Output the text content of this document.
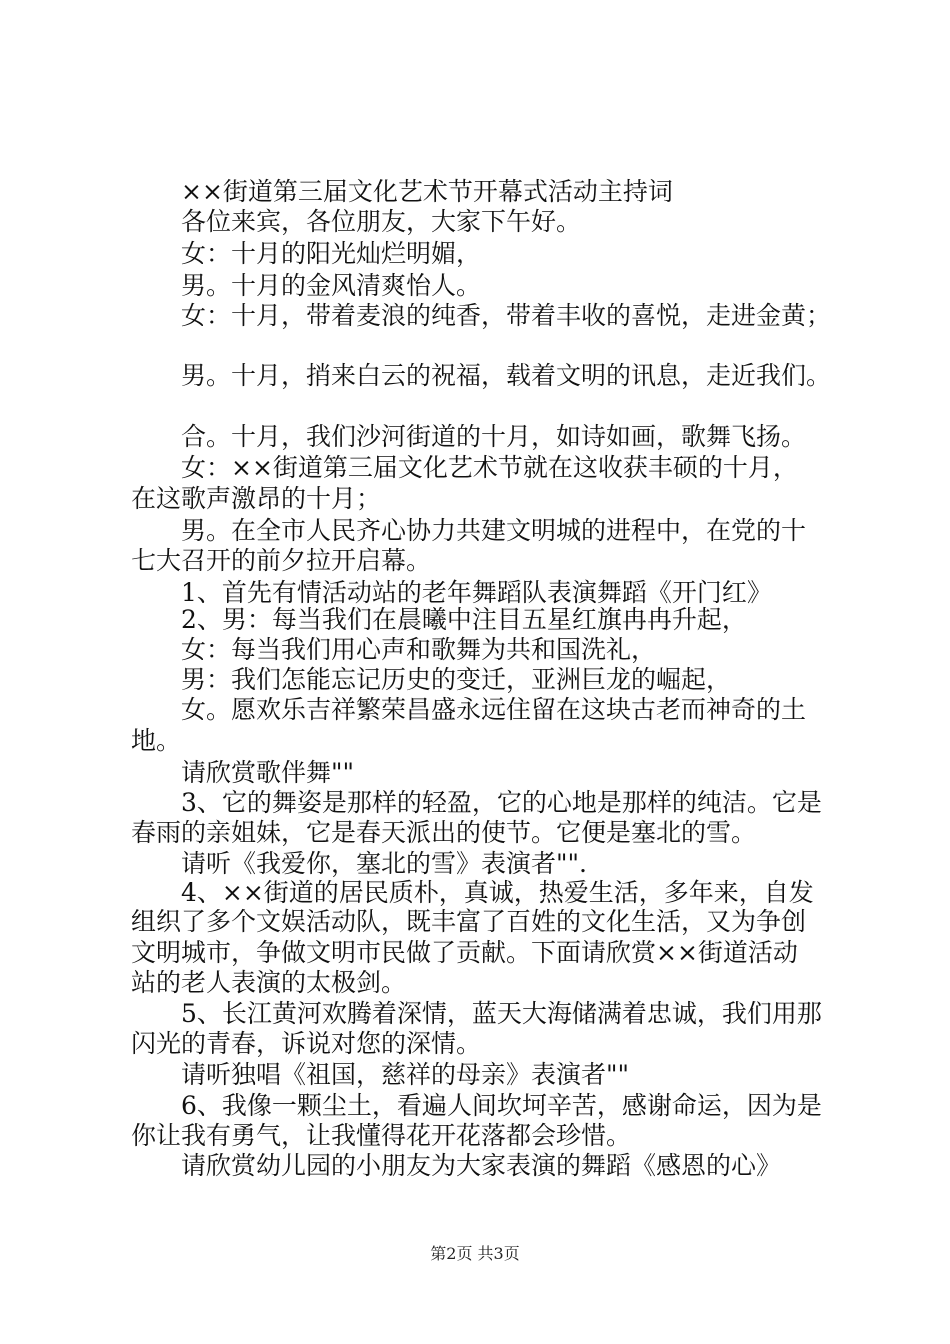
××街道第三届文化艺术节开幕式活动主持词
各位来宾，各位朋友，大家下午好。
女：十月的阳光灿烂明媚，
男。十月的金风清爽怡人。
女：十月，带着麦浪的纯香，带着丰收的喜悦，走进金黄；
男。十月，捎来白云的祝福，载着文明的讯息，走近我们。
合。十月，我们沙河街道的十月，如诗如画，歌舞飞扬。
女：××街道第三届文化艺术节就在这收获丰硕的十月，
在这歌声激昂的十月；
男。在全市人民齐心协力共建文明城的进程中，在党的十
七大召开的前夕拉开启幕。
1、首先有情活动站的老年舞蹈队表演舞蹈《开门红》
2、男：每当我们在晨曦中注目五星红旗冉冉升起，
女：每当我们用心声和歌舞为共和国洗礼，
男：我们怎能忘记历史的变迁，亚洲巨龙的崛起，
女。愿欢乐吉祥繁荣昌盛永远住留在这块古老而神奇的土
地。
请欣赏歌伴舞""
3、它的舞姿是那样的轻盈，它的心地是那样的纯洁。它是
春雨的亲姐妹，它是春天派出的使节。它便是塞北的雪。
请听《我爱你，塞北的雪》表演者"".
4、××街道的居民质朴，真诚，热爱生活，多年来，自发
组织了多个文娱活动队，既丰富了百姓的文化生活，又为争创
文明城市，争做文明市民做了贡献。下面请欣赏××街道活动
站的老人表演的太极剑。
5、长江黄河欢腾着深情，蓝天大海储满着忠诚，我们用那
闪光的青春，诉说对您的深情。
请听独唱《祖国，慈祥的母亲》表演者""
6、我像一颗尘土，看遍人间坎坷辛苦，感谢命运，因为是
你让我有勇气，让我懂得花开花落都会珍惜。
请欣赏幼儿园的小朋友为大家表演的舞蹈《感恩的心》
第2页 共3页
